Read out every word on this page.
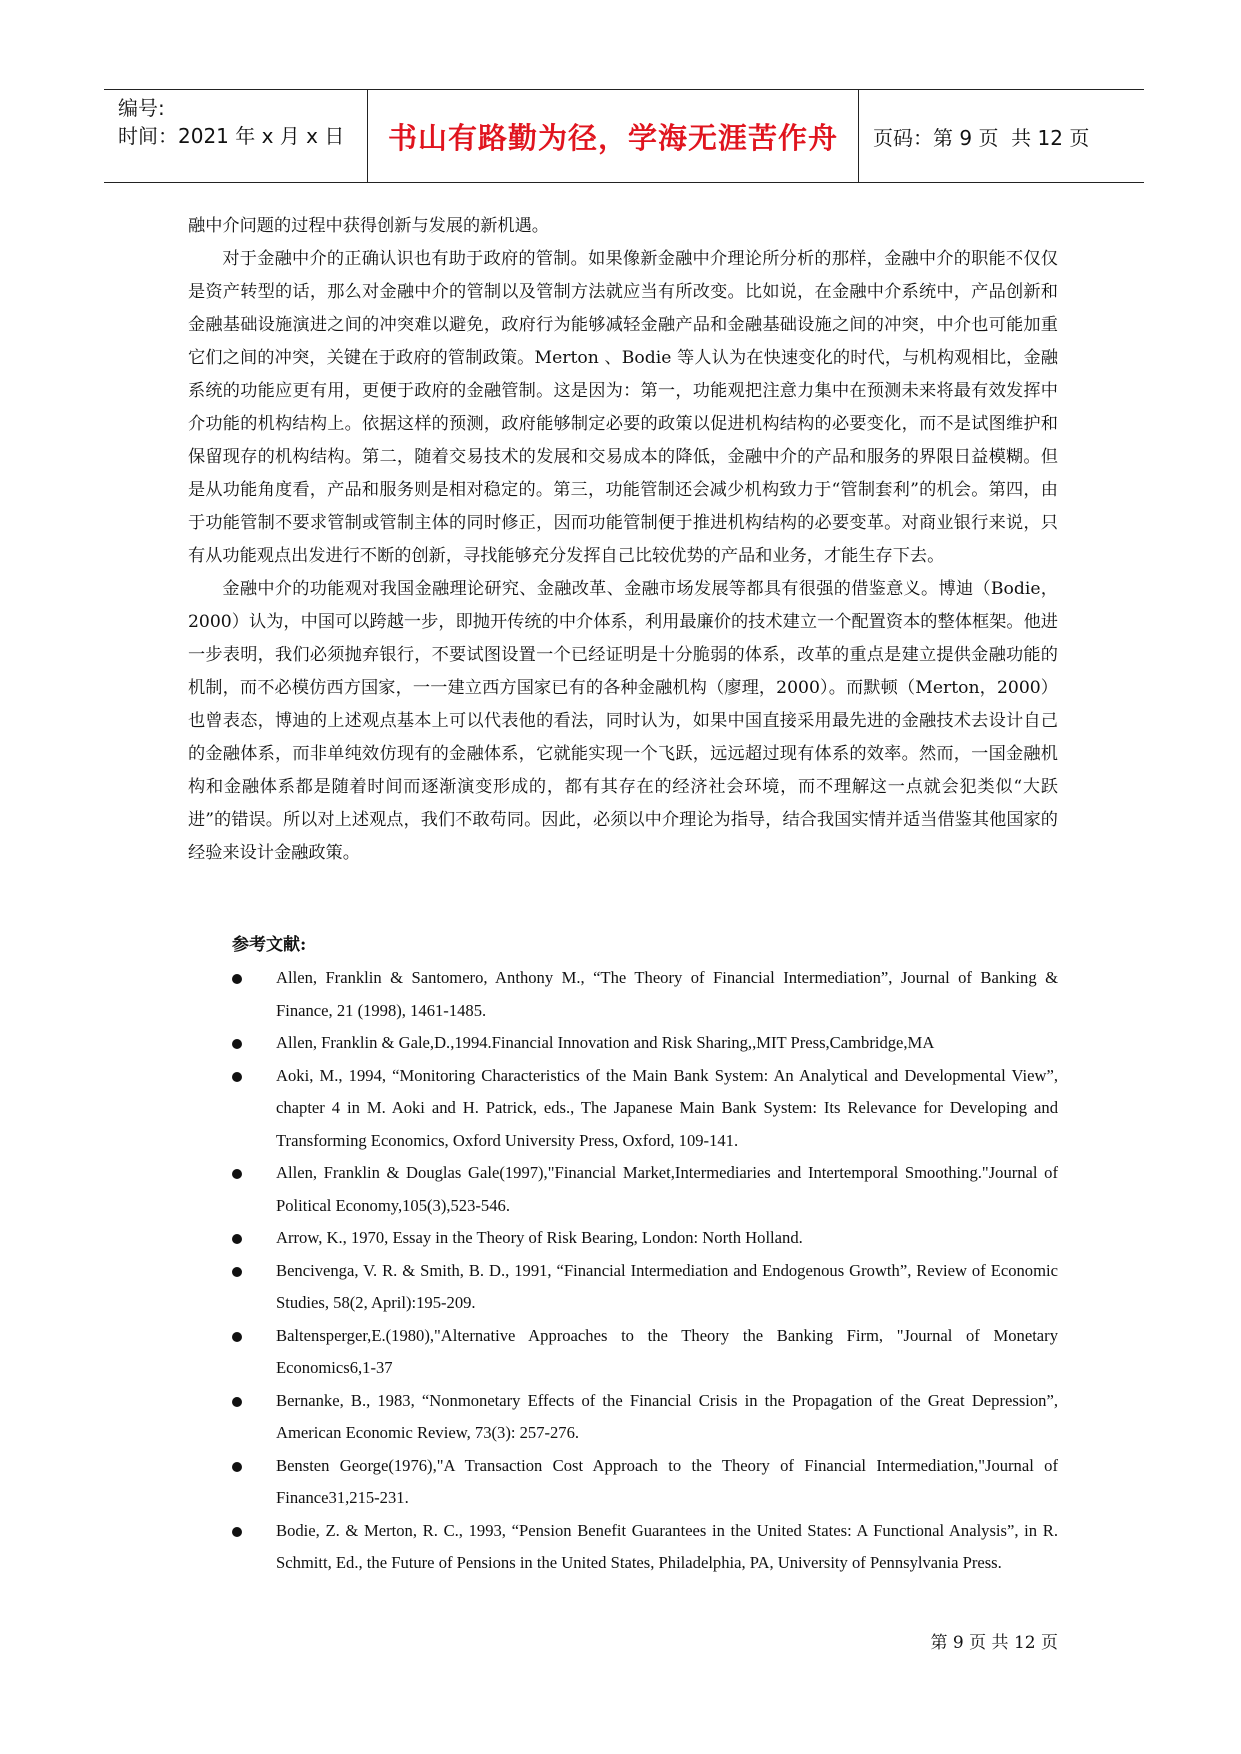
编号:
时间：2021 年 x 月 x 日	书山有路勤为径，学海无涯苦作舟	页码：第 9 页  共 12 页

融中介问题的过程中获得创新与发展的新机遇。

对于金融中介的正确认识也有助于政府的管制。如果像新金融中介理论所分析的那样，金融中介的职能不仅仅是资产转型的话，那么对金融中介的管制以及管制方法就应当有所改变。比如说，在金融中介系统中，产品创新和金融基础设施演进之间的冲突难以避免，政府行为能够减轻金融产品和金融基础设施之间的冲突，中介也可能加重它们之间的冲突，关键在于政府的管制政策。Merton 、Bodie 等人认为在快速变化的时代，与机构观相比，金融系统的功能应更有用，更便于政府的金融管制。这是因为：第一，功能观把注意力集中在预测未来将最有效发挥中介功能的机构结构上。依据这样的预测，政府能够制定必要的政策以促进机构结构的必要变化，而不是试图维护和保留现存的机构结构。第二，随着交易技术的发展和交易成本的降低，金融中介的产品和服务的界限日益模糊。但是从功能角度看，产品和服务则是相对稳定的。第三，功能管制还会减少机构致力于“管制套利”的机会。第四，由于功能管制不要求管制或管制主体的同时修正，因而功能管制便于推进机构结构的必要变革。对商业银行来说，只有从功能观点出发进行不断的创新，寻找能够充分发挥自己比较优势的产品和业务，才能生存下去。

金融中介的功能观对我国金融理论研究、金融改革、金融市场发展等都具有很强的借鉴意义。博迪（Bodie，2000）认为，中国可以跨越一步，即抛开传统的中介体系，利用最廉价的技术建立一个配置资本的整体框架。他进一步表明，我们必须抛弃银行，不要试图设置一个已经证明是十分脆弱的体系，改革的重点是建立提供金融功能的机制，而不必模仿西方国家，一一建立西方国家已有的各种金融机构（廖理，2000）。而默顿（Merton，2000）也曾表态，博迪的上述观点基本上可以代表他的看法，同时认为，如果中国直接采用最先进的金融技术去设计自己的金融体系，而非单纯效仿现有的金融体系，它就能实现一个飞跃，远远超过现有体系的效率。然而，一国金融机构和金融体系都是随着时间而逐渐演变形成的，都有其存在的经济社会环境，而不理解这一点就会犯类似“大跃进”的错误。所以对上述观点，我们不敢苟同。因此，必须以中介理论为指导，结合我国实情并适当借鉴其他国家的经验来设计金融政策。

参考文献:
Allen, Franklin & Santomero, Anthony M., “The Theory of Financial Intermediation”, Journal of Banking & Finance, 21 (1998), 1461-1485.
Allen, Franklin & Gale,D.,1994.Financial Innovation and Risk Sharing,,MIT Press,Cambridge,MA
Aoki, M., 1994, “Monitoring Characteristics of the Main Bank System: An Analytical and Developmental View”, chapter 4 in M. Aoki and H. Patrick, eds., The Japanese Main Bank System: Its Relevance for Developing and Transforming Economics, Oxford University Press, Oxford, 109-141.
Allen, Franklin & Douglas Gale(1997),"Financial Market,Intermediaries and Intertemporal Smoothing."Journal of Political Economy,105(3),523-546.
Arrow, K., 1970, Essay in the Theory of Risk Bearing, London: North Holland.
Bencivenga, V. R. & Smith, B. D., 1991, “Financial Intermediation and Endogenous Growth”, Review of Economic Studies, 58(2, April):195-209.
Baltensperger,E.(1980),"Alternative Approaches to the Theory the Banking Firm, "Journal of Monetary Economics6,1-37
Bernanke, B., 1983, “Nonmonetary Effects of the Financial Crisis in the Propagation of the Great Depression”, American Economic Review, 73(3): 257-276.
Bensten George(1976),"A Transaction Cost Approach to the Theory of Financial Intermediation,"Journal of Finance31,215-231.
Bodie, Z. & Merton, R. C., 1993, “Pension Benefit Guarantees in the United States: A Functional Analysis”, in R. Schmitt, Ed., the Future of Pensions in the United States, Philadelphia, PA, University of Pennsylvania Press.
第 9 页 共 12 页
